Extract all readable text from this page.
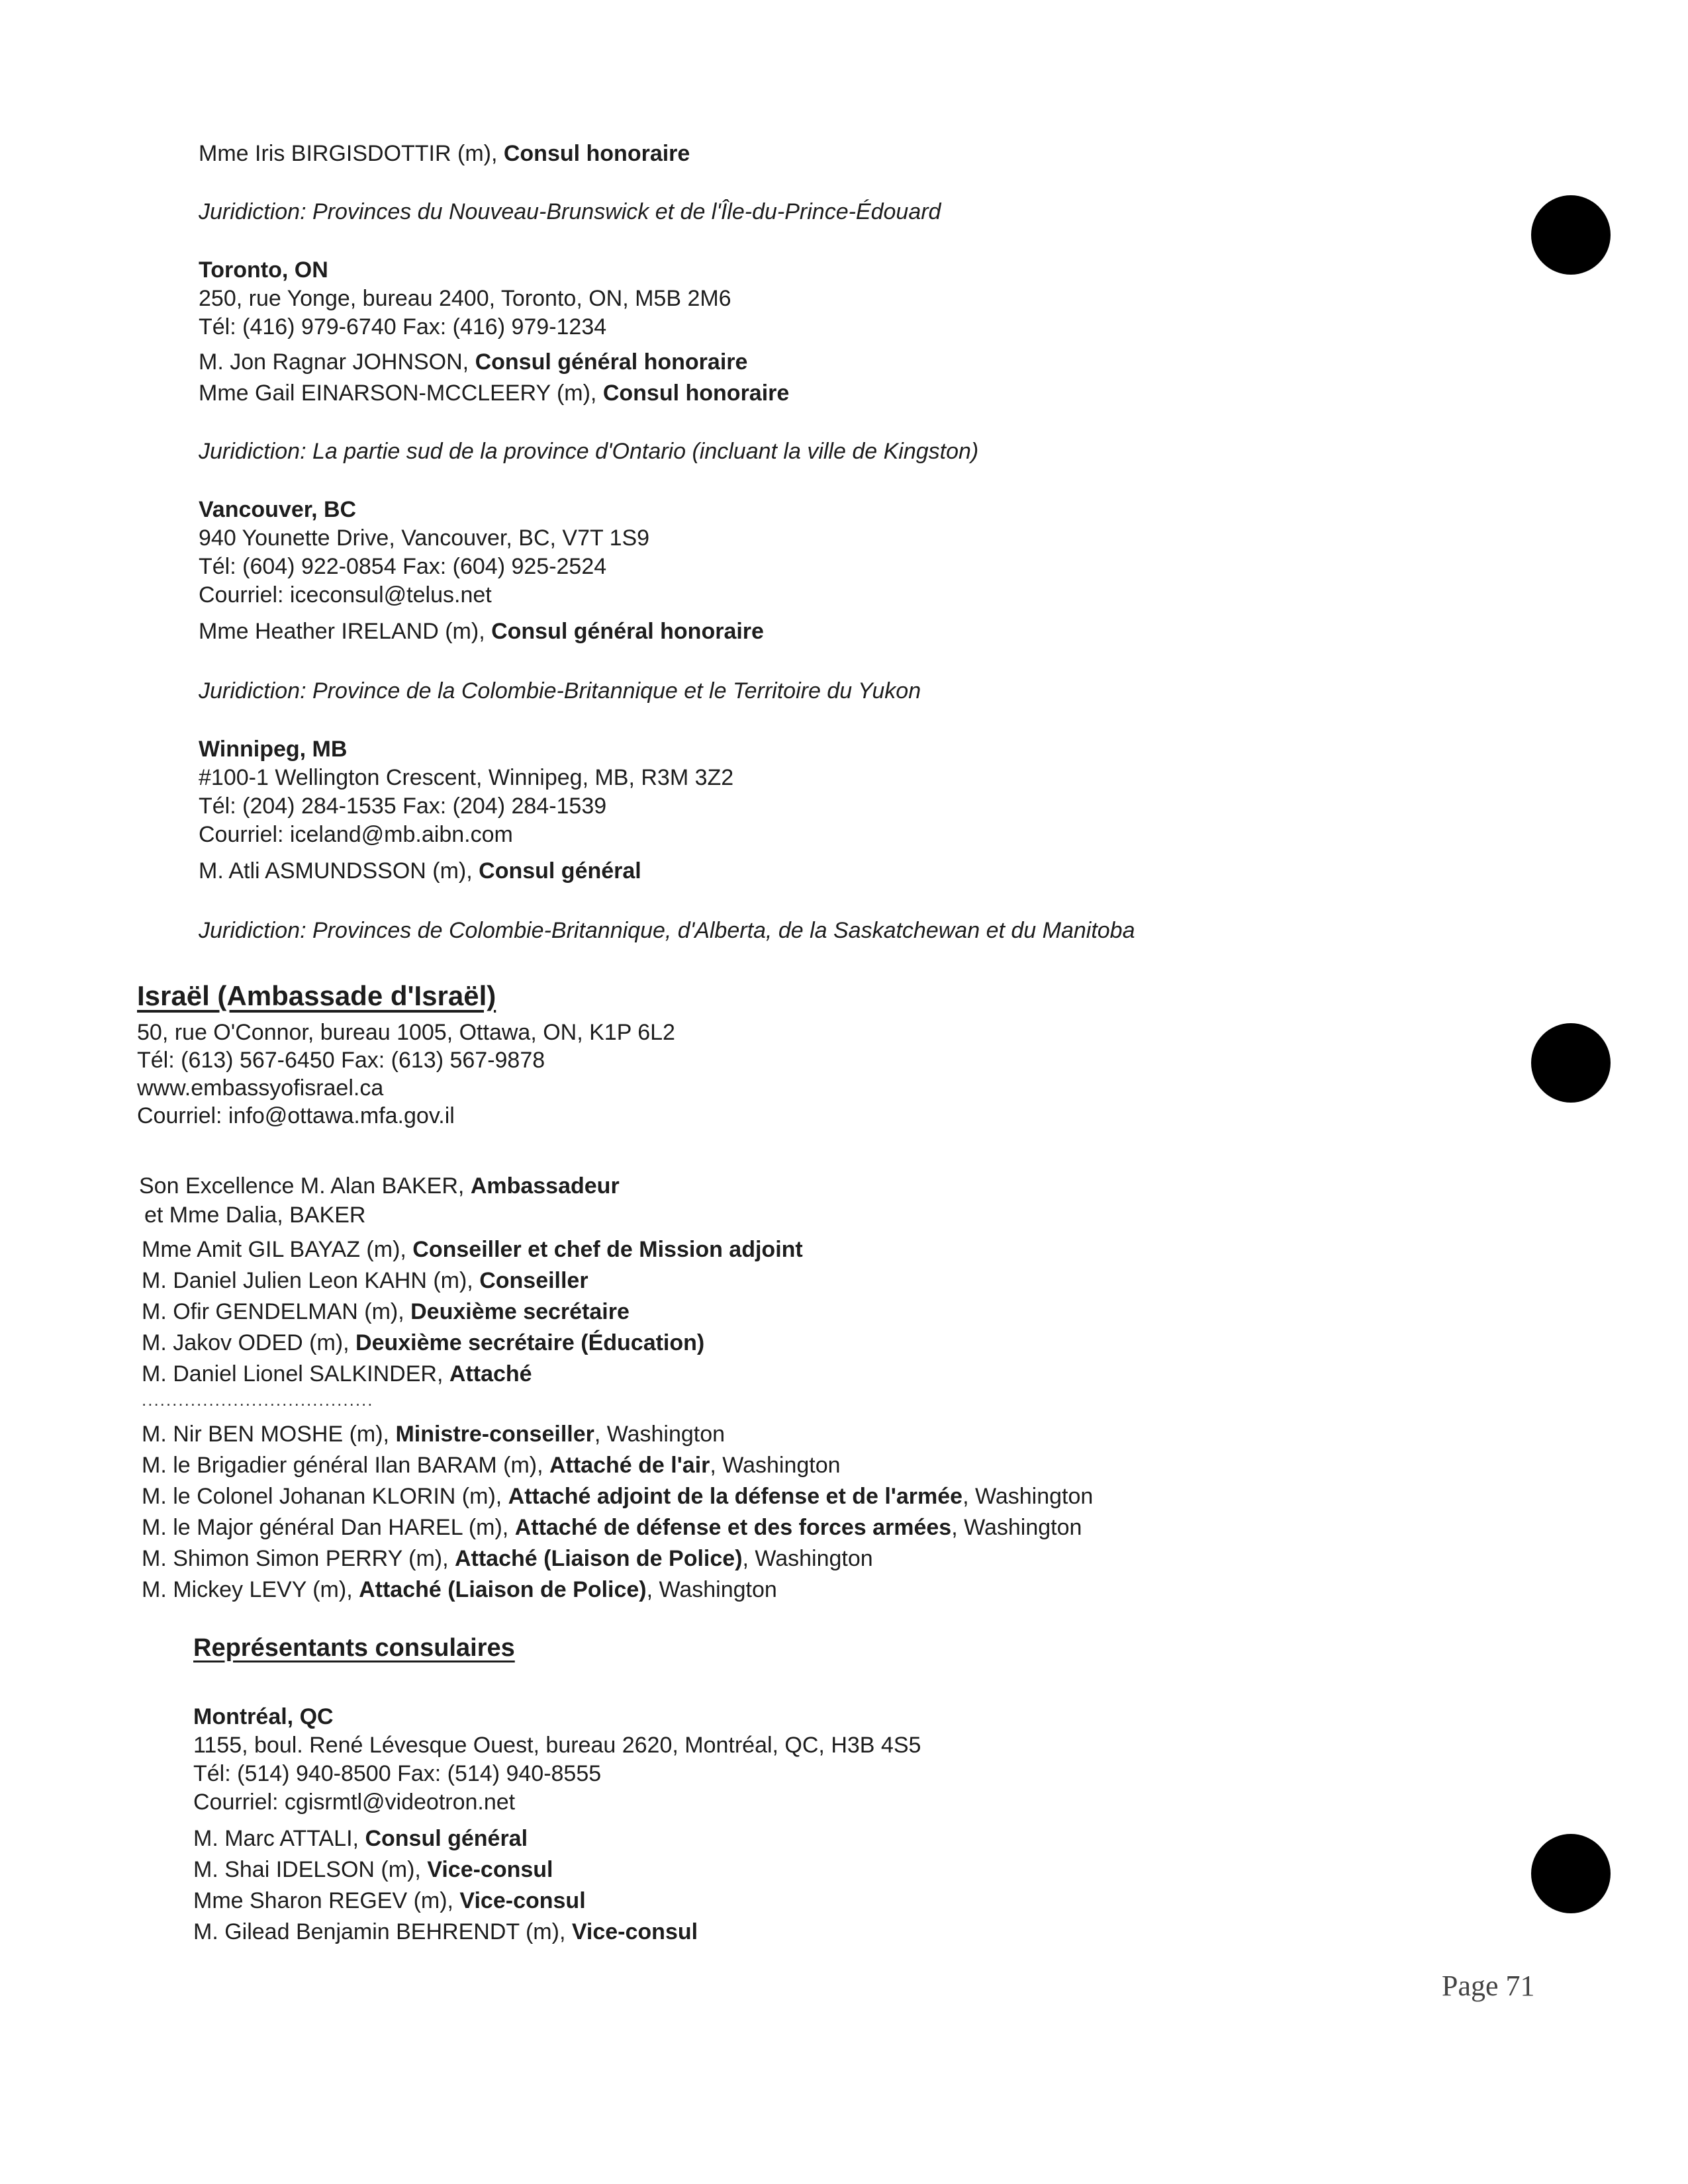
Mme Iris BIRGISDOTTIR (m), Consul honoraire
Juridiction: Provinces du Nouveau-Brunswick et de l'Île-du-Prince-Édouard
Toronto, ON
250, rue Yonge, bureau 2400, Toronto, ON, M5B 2M6
Tél: (416) 979-6740 Fax: (416) 979-1234
M. Jon Ragnar JOHNSON, Consul général honoraire
Mme Gail EINARSON-MCCLEERY (m), Consul honoraire
Juridiction: La partie sud de la province d'Ontario (incluant la ville de Kingston)
Vancouver, BC
940 Younette Drive, Vancouver, BC, V7T 1S9
Tél: (604) 922-0854 Fax: (604) 925-2524
Courriel: iceconsul@telus.net
Mme Heather IRELAND (m), Consul général honoraire
Juridiction: Province de la Colombie-Britannique et le Territoire du Yukon
Winnipeg, MB
#100-1 Wellington Crescent, Winnipeg, MB, R3M 3Z2
Tél: (204) 284-1535 Fax: (204) 284-1539
Courriel: iceland@mb.aibn.com
M. Atli ASMUNDSSON (m), Consul général
Juridiction: Provinces de Colombie-Britannique, d'Alberta, de la Saskatchewan et du Manitoba
Israël (Ambassade d'Israël)
50, rue O'Connor, bureau 1005, Ottawa, ON, K1P 6L2
Tél: (613) 567-6450 Fax: (613) 567-9878
www.embassyofisrael.ca
Courriel: info@ottawa.mfa.gov.il
Son Excellence M. Alan BAKER, Ambassadeur
et Mme Dalia, BAKER
Mme Amit GIL BAYAZ (m), Conseiller et chef de Mission adjoint
M. Daniel Julien Leon KAHN (m), Conseiller
M. Ofir GENDELMAN (m), Deuxième secrétaire
M. Jakov ODED (m), Deuxième secrétaire (Éducation)
M. Daniel Lionel SALKINDER, Attaché
......................................
M. Nir BEN MOSHE (m), Ministre-conseiller, Washington
M. le Brigadier général Ilan BARAM (m), Attaché de l'air, Washington
M. le Colonel Johanan KLORIN (m), Attaché adjoint de la défense et de l'armée, Washington
M. le Major général Dan HAREL (m), Attaché de défense et des forces armées, Washington
M. Shimon Simon PERRY (m), Attaché (Liaison de Police), Washington
M. Mickey LEVY (m), Attaché (Liaison de Police), Washington
Représentants consulaires
Montréal, QC
1155, boul. René Lévesque Ouest, bureau 2620, Montréal, QC, H3B 4S5
Tél: (514) 940-8500 Fax: (514) 940-8555
Courriel: cgisrmtl@videotron.net
M. Marc ATTALI, Consul général
M. Shai IDELSON (m), Vice-consul
Mme Sharon REGEV (m), Vice-consul
M. Gilead Benjamin BEHRENDT (m), Vice-consul
Page 71
